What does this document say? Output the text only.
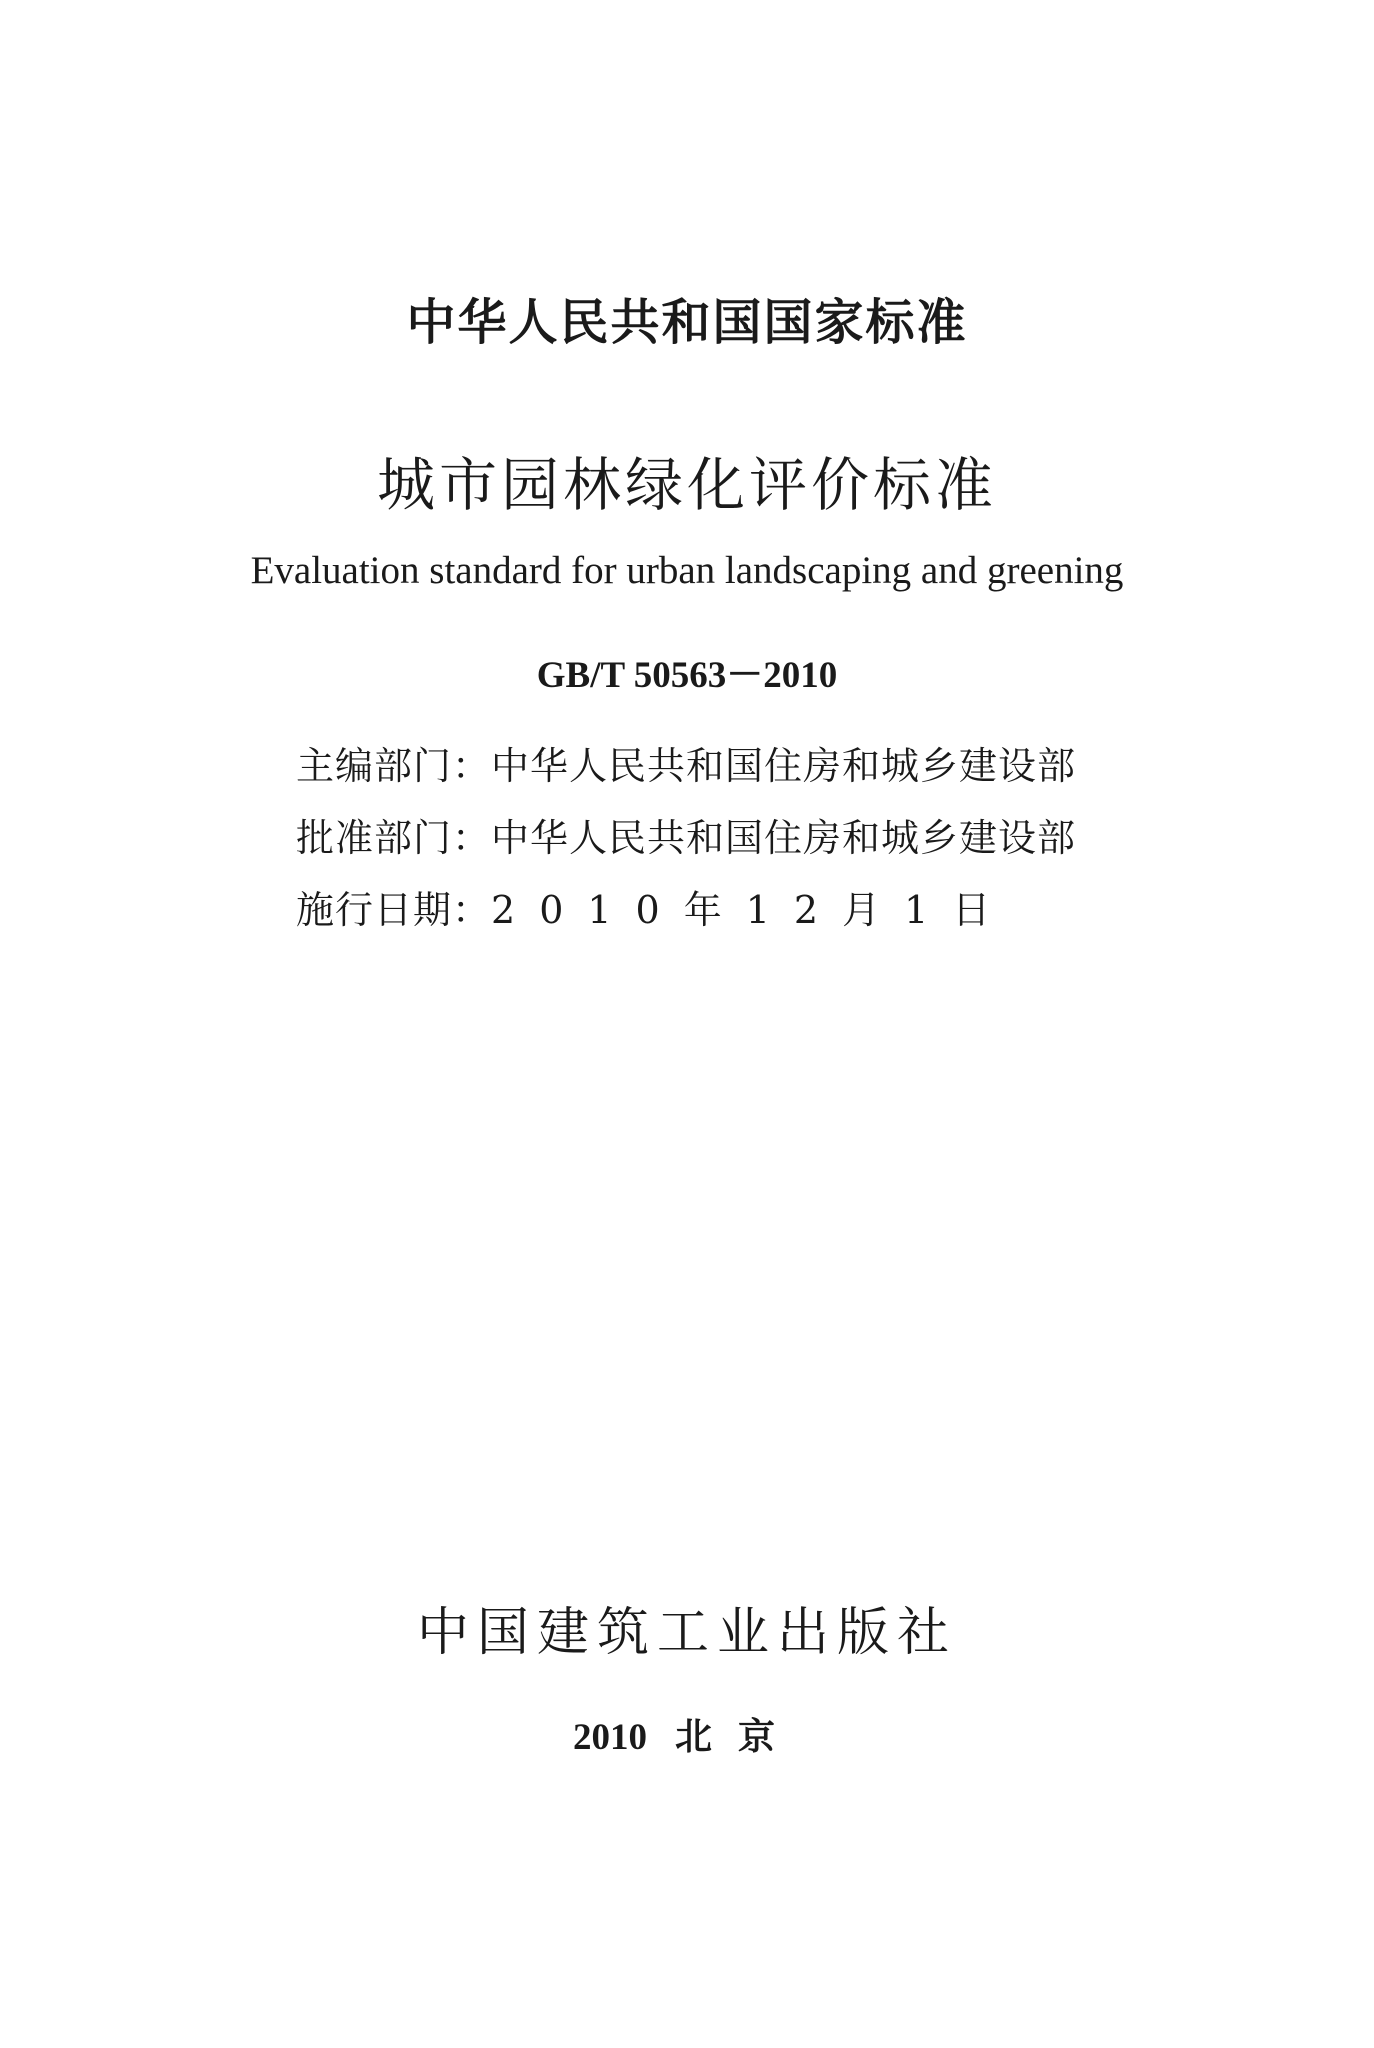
中华人民共和国国家标准
城市园林绿化评价标准
Evaluation standard for urban landscaping and greening
GB/T 50563－2010
主编部门：中华人民共和国住房和城乡建设部
批准部门：中华人民共和国住房和城乡建设部
施行日期：2010年12月1日
中国建筑工业出版社
2010 北京
